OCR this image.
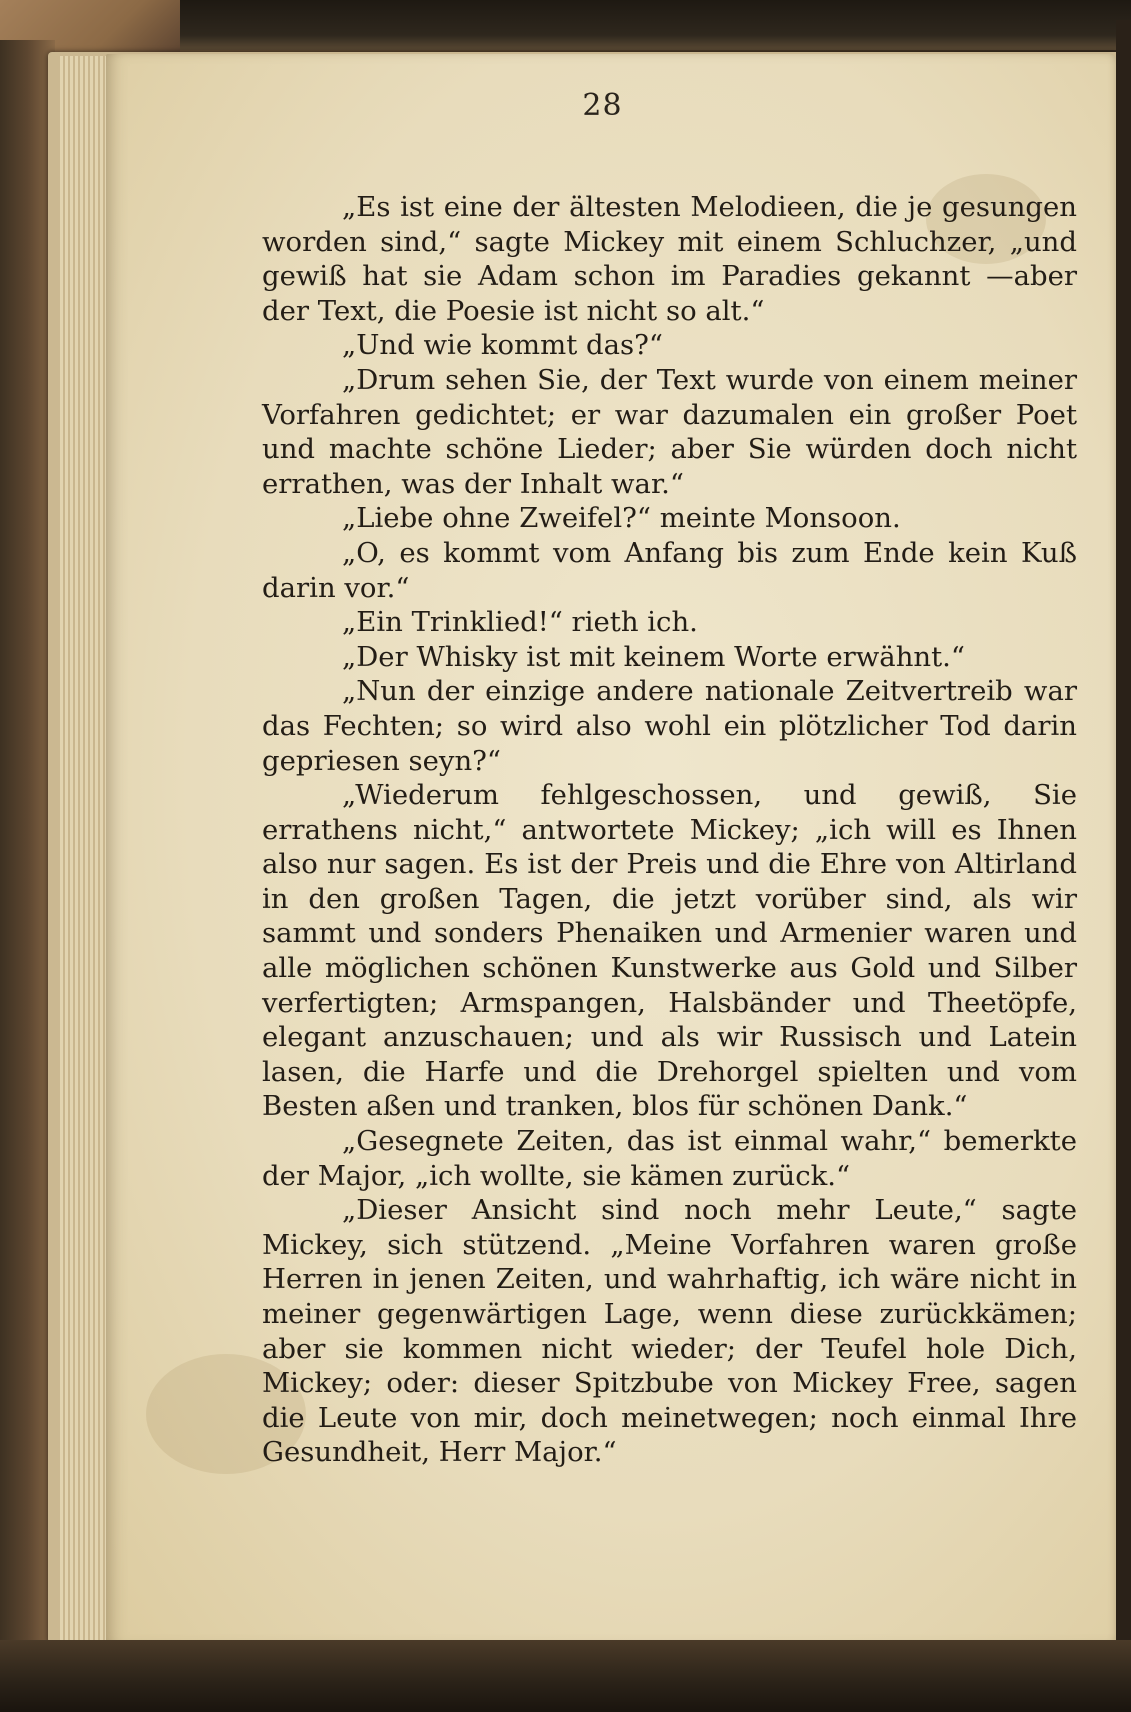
28

„Es ist eine der ältesten Melodieen, die je gesungen worden sind,“ sagte Mickey mit einem Schluchzer, „und gewiß hat sie Adam schon im Paradies gekannt —aber der Text, die Poesie ist nicht so alt.“

„Und wie kommt das?“

„Drum sehen Sie, der Text wurde von einem meiner Vorfahren gedichtet; er war dazumalen ein großer Poet und machte schöne Lieder; aber Sie würden doch nicht errathen, was der Inhalt war.“

„Liebe ohne Zweifel?“ meinte Monsoon.

„O, es kommt vom Anfang bis zum Ende kein Kuß darin vor.“

„Ein Trinklied!“ rieth ich.

„Der Whisky ist mit keinem Worte erwähnt.“

„Nun der einzige andere nationale Zeitvertreib war das Fechten; so wird also wohl ein plötzlicher Tod darin gepriesen seyn?“

„Wiederum fehlgeschossen, und gewiß, Sie errathens nicht,“ antwortete Mickey; „ich will es Ihnen also nur sagen. Es ist der Preis und die Ehre von Altirland in den großen Tagen, die jetzt vorüber sind, als wir sammt und sonders Phenaiken und Armenier waren und alle möglichen schönen Kunstwerke aus Gold und Silber verfertigten; Armspangen, Halsbänder und Theetöpfe, elegant anzuschauen; und als wir Russisch und Latein lasen, die Harfe und die Drehorgel spielten und vom Besten aßen und tranken, blos für schönen Dank.“

„Gesegnete Zeiten, das ist einmal wahr,“ bemerkte der Major, „ich wollte, sie kämen zurück.“

„Dieser Ansicht sind noch mehr Leute,“ sagte Mickey, sich stützend. „Meine Vorfahren waren große Herren in jenen Zeiten, und wahrhaftig, ich wäre nicht in meiner gegenwärtigen Lage, wenn diese zurückkämen; aber sie kommen nicht wieder; der Teufel hole Dich, Mickey; oder: dieser Spitzbube von Mickey Free, sagen die Leute von mir, doch meinetwegen; noch einmal Ihre Gesundheit, Herr Major.“
